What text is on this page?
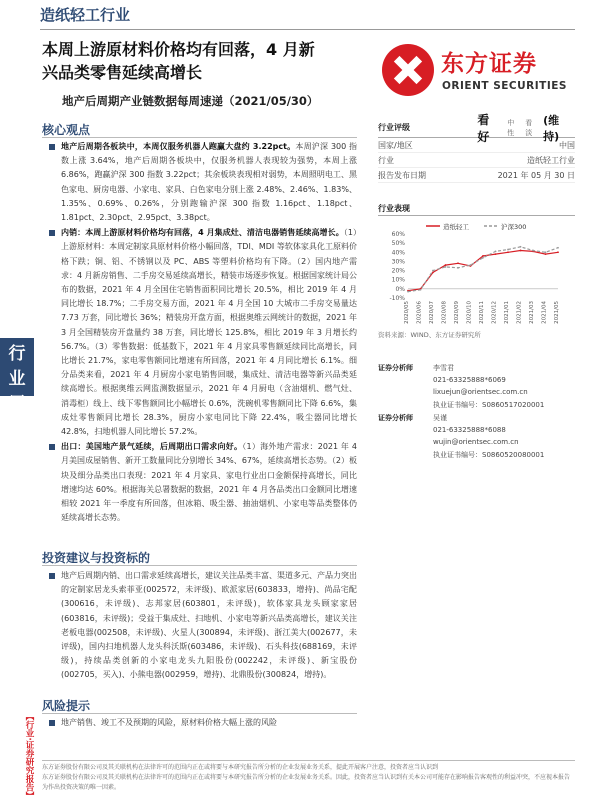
造纸轻工行业
本周上游原材料价格均有回落，4 月新
兴品类零售延续高增长
地产后周期产业链数据每周速递（2021/05/30）
东方证券
ORIENT SECURITIES
行业周报
【行业·证券研究报告】
核心观点

地产后周期各板块中，本周仅服务机器人跑赢大盘约 3.22pct。本周沪深 300 指数上涨 3.64%，地产后周期各板块中，仅服务机器人表现较为强势，本周上涨 6.86%，跑赢沪深 300 指数 3.22pct；其余板块表现相对弱势，本周照明电工、黑色家电、厨房电器、小家电、家具、白色家电分别上涨 2.48%、2.46%、1.83%、1.35%、0.69%、0.26%，分别跑输沪深 300 指数 1.16pct、1.18pct、1.81pct、2.30pct、2.95pct、3.38pct。

内销：本周上游原材料价格均有回落，4 月集成灶、清洁电器销售延续高增长。（1）上游原材料：本周定制家具原材料价格小幅回落，TDI、MDI 等软体家具化工原料价格下跌；铜、铝、不锈钢以及 PC、ABS 等塑料价格均有下降。（2）国内地产需求：4 月新房销售、二手房交易延续高增长，精装市场逐步恢复。根据国家统计局公布的数据，2021 年 4 月全国住宅销售面积同比增长 20.5%，相比 2019 年 4 月同比增长 18.7%；二手房交易方面，2021 年 4 月全国 10 大城市二手房交易量达 7.73 万套，同比增长 36%；精装房开盘方面，根据奥维云网统计的数据，2021 年 3 月全国精装房开盘量约 38 万套，同比增长 125.8%，相比 2019 年 3 月增长约 56.7%。（3）零售数据：低基数下，2021 年 4 月家具零售额延续同比高增长，同比增长 21.7%，家电零售额同比增速有所回落，2021 年 4 月同比增长 6.1%。细分品类来看，2021 年 4 月厨房小家电销售回暖，集成灶、清洁电器等新兴品类延续高增长。根据奥维云网监测数据显示，2021 年 4 月厨电（含油烟机、燃气灶、消毒柜）线上、线下零售额同比小幅增长 0.6%，洗碗机零售额同比下降 6.6%，集成灶零售额同比增长 28.3%，厨房小家电同比下降 22.4%，吸尘器同比增长 42.8%，扫地机器人同比增长 57.2%。

出口：美国地产景气延续，后周期出口需求向好。（1）海外地产需求：2021 年 4 月美国成屋销售、新开工数量同比分别增长 34%、67%，延续高增长态势。（2）板块及细分品类出口表现：2021 年 4 月家具、家电行业出口金额保持高增长，同比增速均达 60%。根据海关总署数据的数据，2021 年 4 月各品类出口金额同比增速相较 2021 年一季度有所回落，但冰箱、吸尘器、抽油烟机、小家电等品类整体仍延续高增长态势。

投资建议与投资标的

地产后周期内销、出口需求延续高增长，建议关注品类丰富、渠道多元、产品力突出的定制家居龙头索菲亚(002572，未评级)、欧派家居(603833，增持)、尚品宅配(300616，未评级)、志邦家居(603801，未评级)，软体家具龙头顾家家居(603816，未评级)；受益于集成灶、扫地机、小家电等新兴品类高增长，建议关注老板电器(002508，未评级)、火星人(300894，未评级)、浙江美大(002677，未评级)，国内扫地机器人龙头科沃斯(603486，未评级)、石头科技(688169，未评级)，持续品类创新的小家电龙头九阳股份(002242，未评级)、新宝股份(002705，买入)、小熊电器(002959，增持)、北鼎股份(300824，增持)。

风险提示

地产销售、竣工不及预期的风险，原材料价格大幅上涨的风险

行业评级
看好
中性
看淡
(维持)
国家/地区	中国
行业	造纸轻工行业
报告发布日期	2021 年 05 月 30 日
行业表现
造纸轻工	沪深300
60%
50%
40%
30%
20%
10%
0%
-10%
2020/05 2020/06 2020/07 2020/08 2020/09 2020/10 2020/11 2020/12 2021/01 2021/02 2021/03 2021/04 2021/05
资料来源：WIND、东方证券研究所
证券分析师	李雪君
021-63325888*6069
lixuejun@orientsec.com.cn
执业证书编号：S0860517020001
证券分析师	吴谨
021-63325888*6088
wujin@orientsec.com.cn
执业证书编号：S0860520080001
东方证券股份有限公司及其关联机构在法律许可的范围内正在或将要与本研究报告所分析的企业发展业务关系，提此开展客户注意，投资者应当认识到
东方证券股份有限公司及其关联机构在法律许可的范围内正在或将要与本研究报告所分析的企业发展业务关系。因此，投资者应当认识到有关本公司可能存在影响报告客观性的利益冲突，不应视本报告为作出投资决策的唯一因素。
